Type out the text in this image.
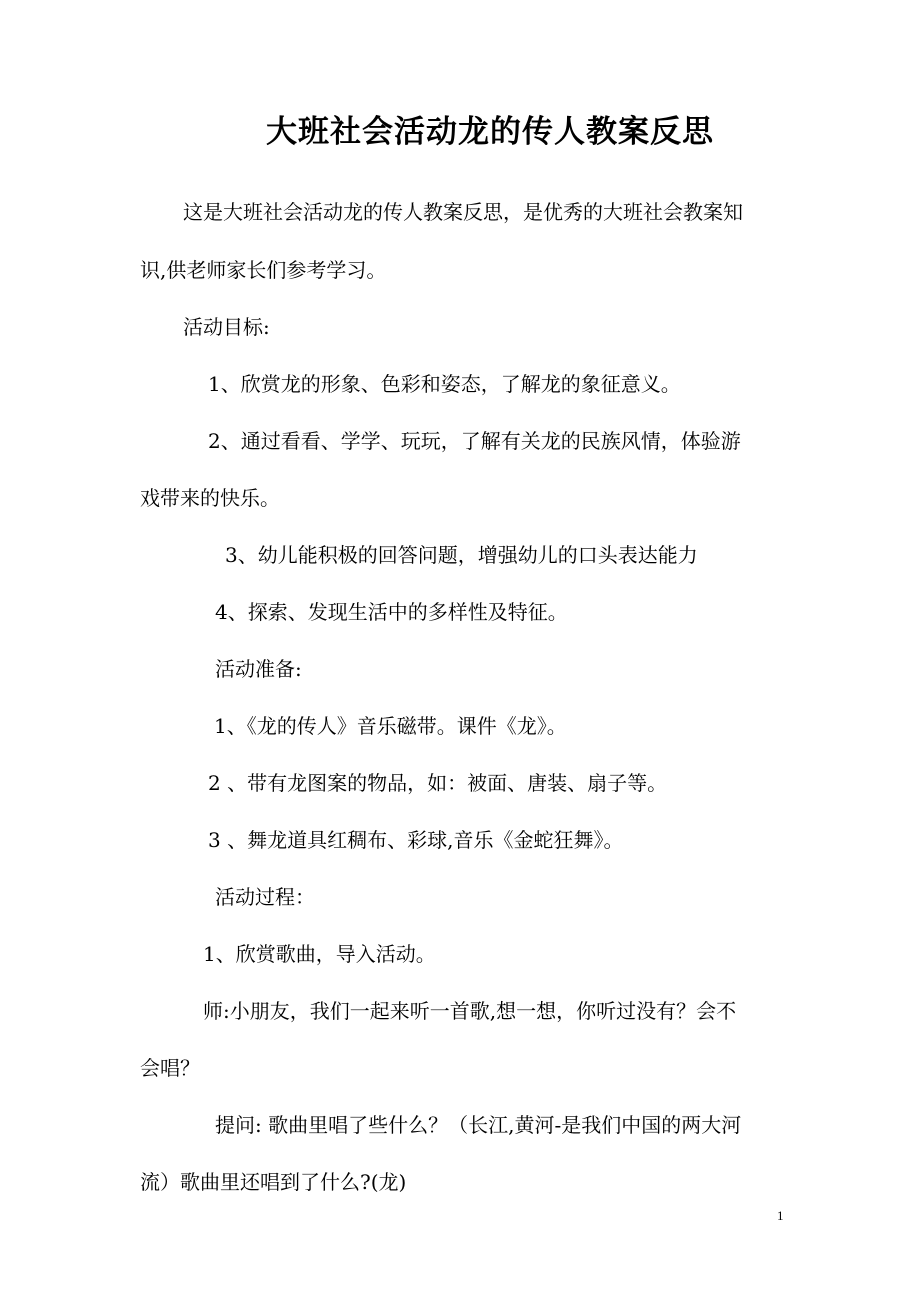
大班社会活动龙的传人教案反思
这是大班社会活动龙的传人教案反思，是优秀的大班社会教案知
识,供老师家长们参考学习。
活动目标:
1、欣赏龙的形象、色彩和姿态，了解龙的象征意义。
2、通过看看、学学、玩玩，了解有关龙的民族风情，体验游
戏带来的快乐。
3、幼儿能积极的回答问题，增强幼儿的口头表达能力
4、探索、发现生活中的多样性及特征。
活动准备:
1、《龙的传人》音乐磁带。课件《龙》。
2 、带有龙图案的物品，如：被面、唐装、扇子等。
3 、舞龙道具红稠布、彩球,音乐《金蛇狂舞》。
活动过程：
1、欣赏歌曲，导入活动。
师:小朋友，我们一起来听一首歌,想一想，你听过没有？会不
会唱？
提问: 歌曲里唱了些什么？（长江,黄河-是我们中国的两大河
流）歌曲里还唱到了什么?(龙)
1
